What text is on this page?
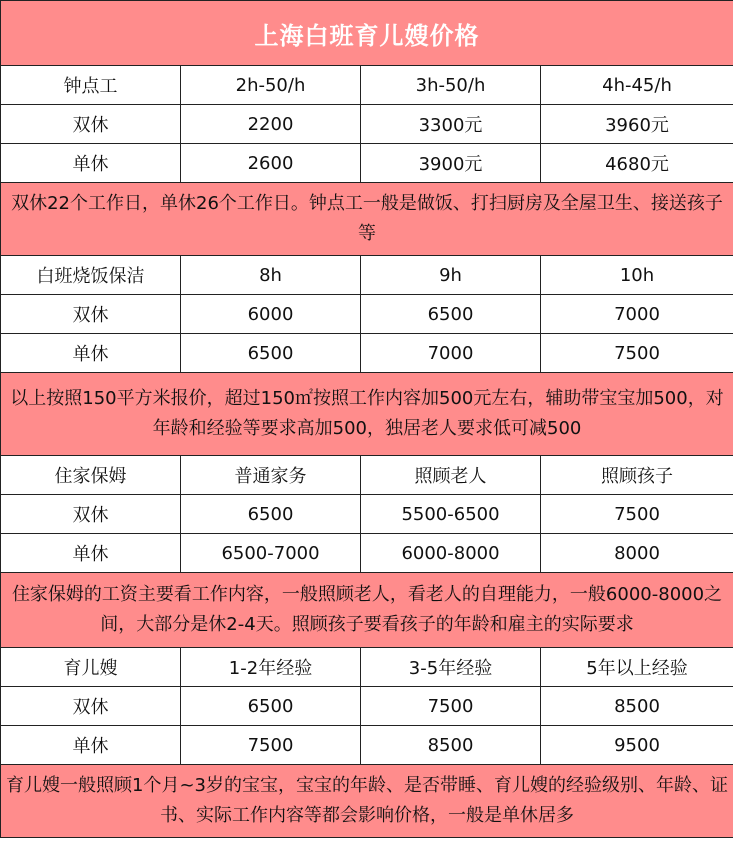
上海白班育儿嫂价格			
钟点工	2h-50/h	3h-50/h	4h-45/h
双休	2200	3300元	3960元
单休	2600	3900元	4680元
双休22个工作日，单休26个工作日。钟点工一般是做饭、打扫厨房及全屋卫生、接送孩子等			
白班烧饭保洁	8h	9h	10h
双休	6000	6500	7000
单休	6500	7000	7500
以上按照150平方米报价，超过150㎡按照工作内容加500元左右，辅助带宝宝加500，对年龄和经验等要求高加500，独居老人要求低可减500			
住家保姆	普通家务	照顾老人	照顾孩子
双休	6500	5500-6500	7500
单休	6500-7000	6000-8000	8000
住家保姆的工资主要看工作内容，一般照顾老人，看老人的自理能力，一般6000-8000之间，大部分是休2-4天。照顾孩子要看孩子的年龄和雇主的实际要求			
育儿嫂	1-2年经验	3-5年经验	5年以上经验
双休	6500	7500	8500
单休	7500	8500	9500
育儿嫂一般照顾1个月~3岁的宝宝，宝宝的年龄、是否带睡、育儿嫂的经验级别、年龄、证书、实际工作内容等都会影响价格，一般是单休居多			
